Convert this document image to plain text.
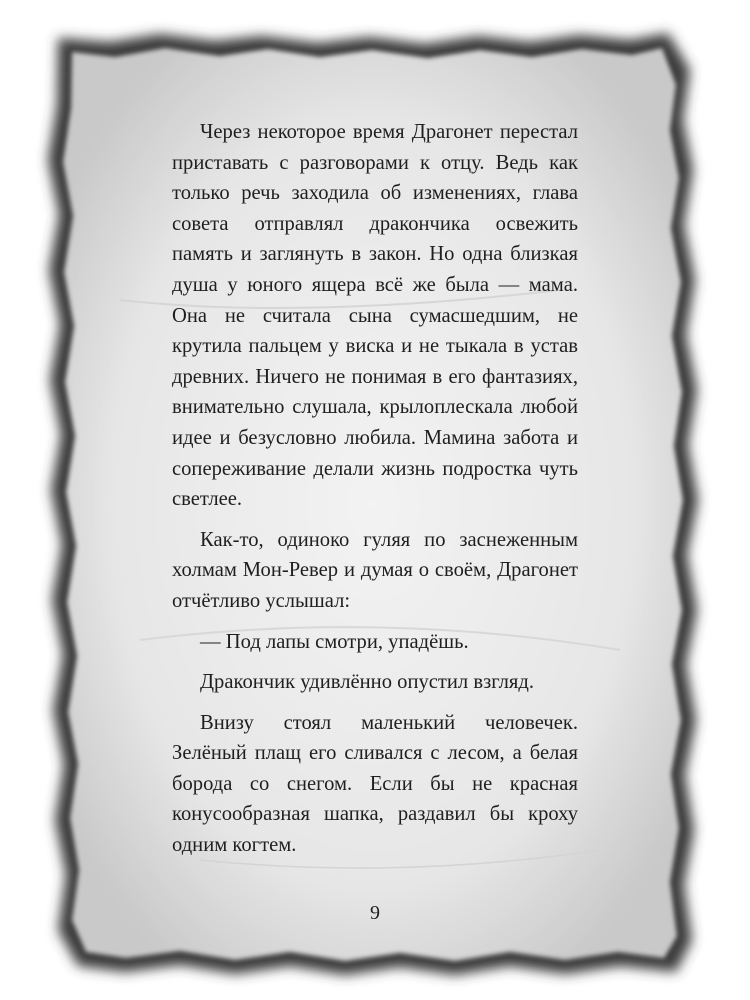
Через некоторое время Драгонет перестал приставать с разговорами к отцу. Ведь как только речь заходила об изменениях, глава совета отправлял дракончика освежить память и заглянуть в закон. Но одна близкая душа у юного ящера всё же была — мама. Она не считала сына сумасшедшим, не крутила пальцем у виска и не тыкала в устав древних. Ничего не понимая в его фантазиях, внимательно слушала, крылоплескала любой идее и безусловно любила. Мамина забота и сопереживание делали жизнь подростка чуть светлее.

Как-то, одиноко гуляя по заснеженным холмам Мон-Ревер и думая о своём, Драгонет отчётливо услышал:

— Под лапы смотри, упадёшь.

Дракончик удивлённо опустил взгляд.

Внизу стоял маленький человечек. Зелёный плащ его сливался с лесом, а белая борода со снегом. Если бы не красная конусообразная шапка, раздавил бы кроху одним когтем.

9
